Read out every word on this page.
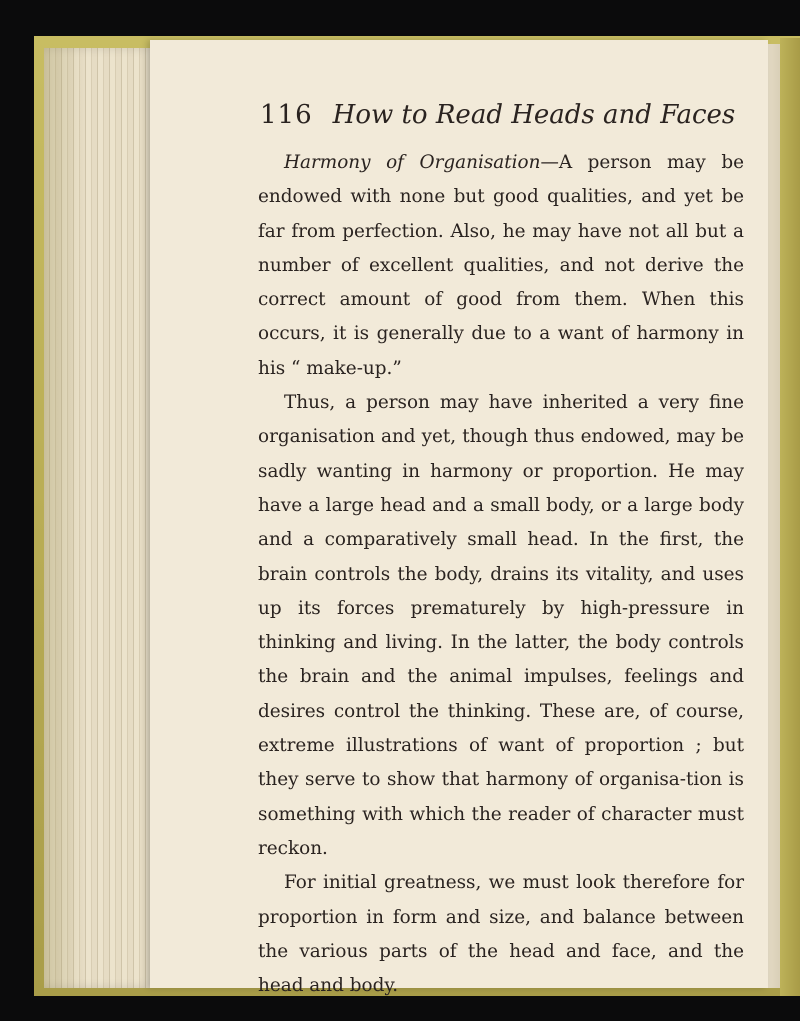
116 How to Read Heads and Faces

Harmony of Organisation—A person may be endowed with none but good qualities, and yet be far from perfection. Also, he may have not all but a number of excellent qualities, and not derive the correct amount of good from them. When this occurs, it is generally due to a want of harmony in his “ make-up.”

Thus, a person may have inherited a very fine organisation and yet, though thus endowed, may be sadly wanting in harmony or proportion. He may have a large head and a small body, or a large body and a comparatively small head. In the first, the brain controls the body, drains its vitality, and uses up its forces prematurely by high-pressure in thinking and living. In the latter, the body controls the brain and the animal impulses, feelings and desires control the thinking. These are, of course, extreme illustrations of want of proportion ; but they serve to show that harmony of organisa-tion is something with which the reader of character must reckon.

For initial greatness, we must look therefore for proportion in form and size, and balance between the various parts of the head and face, and the head and body.
